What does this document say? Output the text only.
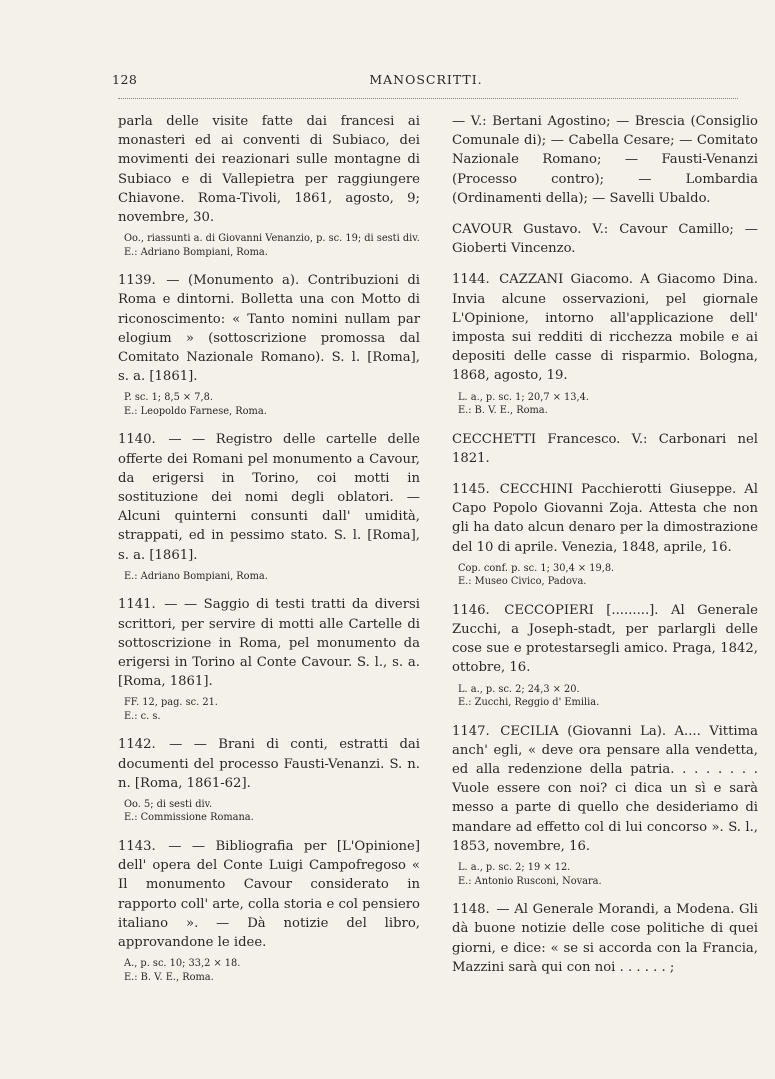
128	MANOSCRITTI.

parla delle visite fatte dai francesi ai monasteri ed ai conventi di Subiaco, dei movimenti dei reazionari sulle montagne di Subiaco e di Vallepietra per raggiungere Chiavone. Roma-Tivoli, 1861, agosto, 9; novembre, 30.

Oo., riassunti a. di Giovanni Venanzio, p. sc. 19; di sesti div.
E.: Adriano Bompiani, Roma.

1139. — (Monumento a). Contribuzioni di Roma e dintorni. Bolletta una con Motto di riconoscimento: « Tanto nomini nullam par elogium » (sottoscrizione promossa dal Comitato Nazionale Romano). S. l. [Roma], s. a. [1861].

P. sc. 1; 8,5 × 7,8.
E.: Leopoldo Farnese, Roma.

1140. — — Registro delle cartelle delle offerte dei Romani pel monumento a Cavour, da erigersi in Torino, coi motti in sostituzione dei nomi degli oblatori. — Alcuni quinterni consunti dall' umidità, strappati, ed in pessimo stato. S. l. [Roma], s. a. [1861].

E.: Adriano Bompiani, Roma.

1141. — — Saggio di testi tratti da diversi scrittori, per servire di motti alle Cartelle di sottoscrizione in Roma, pel monumento da erigersi in Torino al Conte Cavour. S. l., s. a. [Roma, 1861].

FF. 12, pag. sc. 21.
E.: c. s.

1142. — — Brani di conti, estratti dai documenti del processo Fausti-Venanzi. S. n. n. [Roma, 1861-62].

Oo. 5; di sesti div.
E.: Commissione Romana.

1143. — — Bibliografia per [L'Opinione] dell' opera del Conte Luigi Campofregoso « Il monumento Cavour considerato in rapporto coll' arte, colla storia e col pensiero italiano ». — Dà notizie del libro, approvandone le idee.

A., p. sc. 10; 33,2 × 18.
E.: B. V. E., Roma.

— V.: Bertani Agostino; — Brescia (Consiglio Comunale di); — Cabella Cesare; — Comitato Nazionale Romano; — Fausti-Venanzi (Processo contro); — Lombardia (Ordinamenti della); — Savelli Ubaldo.

CAVOUR Gustavo. V.: Cavour Camillo; — Gioberti Vincenzo.

1144. CAZZANI Giacomo. A Giacomo Dina. Invia alcune osservazioni, pel giornale L'Opinione, intorno all'applicazione dell' imposta sui redditi di ricchezza mobile e ai depositi delle casse di risparmio. Bologna, 1868, agosto, 19.

L. a., p. sc. 1; 20,7 × 13,4.
E.: B. V. E., Roma.

CECCHETTI Francesco. V.: Carbonari nel 1821.

1145. CECCHINI Pacchierotti Giuseppe. Al Capo Popolo Giovanni Zoja. Attesta che non gli ha dato alcun denaro per la dimostrazione del 10 di aprile. Venezia, 1848, aprile, 16.

Cop. conf. p. sc. 1; 30,4 × 19,8.
E.: Museo Civico, Padova.

1146. CECCOPIERI [.........]. Al Generale Zucchi, a Joseph-stadt, per parlargli delle cose sue e protestarsegli amico. Praga, 1842, ottobre, 16.

L. a., p. sc. 2; 24,3 × 20.
E.: Zucchi, Reggio d' Emilia.

1147. CECILIA (Giovanni La). A.... Vittima anch' egli, « deve ora pensare alla vendetta, ed alla redenzione della patria. . . . . . . . Vuole essere con noi? ci dica un sì e sarà messo a parte di quello che desideriamo di mandare ad effetto col di lui concorso ». S. l., 1853, novembre, 16.

L. a., p. sc. 2; 19 × 12.
E.: Antonio Rusconi, Novara.

1148. — Al Generale Morandi, a Modena. Gli dà buone notizie delle cose politiche di quei giorni, e dice: « se si accorda con la Francia, Mazzini sarà qui con noi . . . . . . ;
